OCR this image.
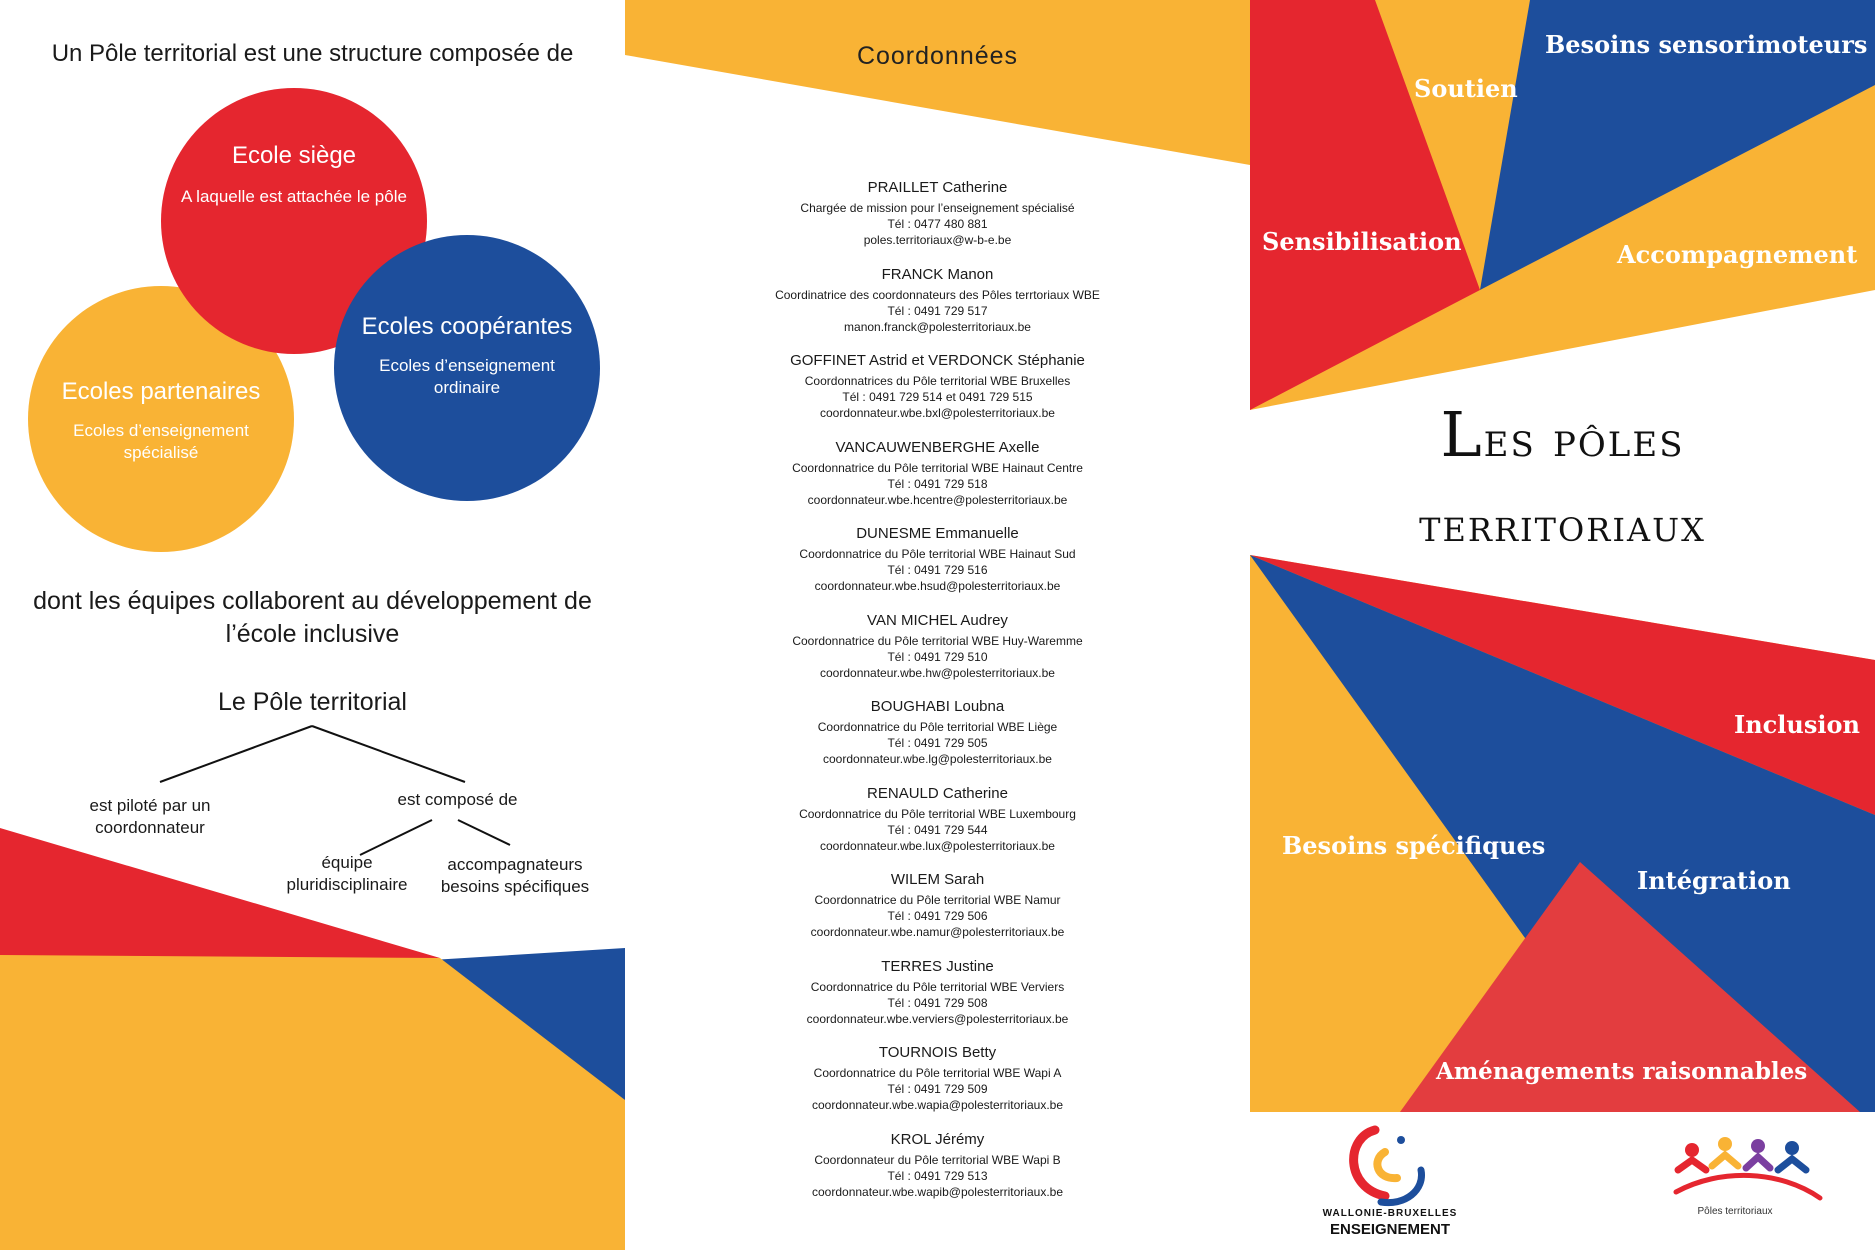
Un Pôle territorial est une structure composée de
Ecoles partenaires
Ecoles d’enseignement spécialisé
Ecole siège
A laquelle est attachée le pôle
Ecoles coopérantes
Ecoles d’enseignement ordinaire
dont les équipes collaborent au développement de l’école inclusive
Le Pôle territorial
est piloté par un coordonnateur
est composé de
équipe pluridisciplinaire
accompagnateurs besoins spécifiques
Coordonnées
PRAILLET Catherine
Chargée de mission pour l’enseignement spécialisé
Tél : 0477 480 881
poles.territoriaux@w-b-e.be
FRANCK Manon
Coordinatrice des coordonnateurs des Pôles terrtoriaux WBE
Tél : 0491 729 517
manon.franck@polesterritoriaux.be
GOFFINET Astrid et VERDONCK Stéphanie
Coordonnatrices du Pôle territorial WBE Bruxelles
Tél : 0491 729 514 et 0491 729 515
coordonnateur.wbe.bxl@polesterritoriaux.be
VANCAUWENBERGHE Axelle
Coordonnatrice du Pôle territorial WBE Hainaut Centre
Tél : 0491 729 518
coordonnateur.wbe.hcentre@polesterritoriaux.be
DUNESME Emmanuelle
Coordonnatrice du Pôle territorial WBE Hainaut Sud
Tél : 0491 729 516
coordonnateur.wbe.hsud@polesterritoriaux.be
VAN MICHEL Audrey
Coordonnatrice du Pôle territorial WBE Huy-Waremme
Tél : 0491 729 510
coordonnateur.wbe.hw@polesterritoriaux.be
BOUGHABI Loubna
Coordonnatrice du Pôle territorial WBE Liège
Tél : 0491 729 505
coordonnateur.wbe.lg@polesterritoriaux.be
RENAULD Catherine
Coordonnatrice du Pôle territorial WBE Luxembourg
Tél : 0491 729 544
coordonnateur.wbe.lux@polesterritoriaux.be
WILEM Sarah
Coordonnatrice du Pôle territorial WBE Namur
Tél : 0491 729 506
coordonnateur.wbe.namur@polesterritoriaux.be
TERRES Justine
Coordonnatrice du Pôle territorial WBE Verviers
Tél : 0491 729 508
coordonnateur.wbe.verviers@polesterritoriaux.be
TOURNOIS Betty
Coordonnatrice du Pôle territorial WBE Wapi A
Tél : 0491 729 509
coordonnateur.wbe.wapia@polesterritoriaux.be
KROL Jérémy
Coordonnateur du Pôle territorial WBE Wapi B
Tél : 0491 729 513
coordonnateur.wbe.wapib@polesterritoriaux.be
Soutien
Besoins sensorimoteurs
Sensibilisation	Accompagnement
Les pôles
territoriaux
Inclusion
Besoins spécifiques
Intégration
Aménagements raisonnables
WALLONIE-BRUXELLES
ENSEIGNEMENT
Pôles territoriaux
